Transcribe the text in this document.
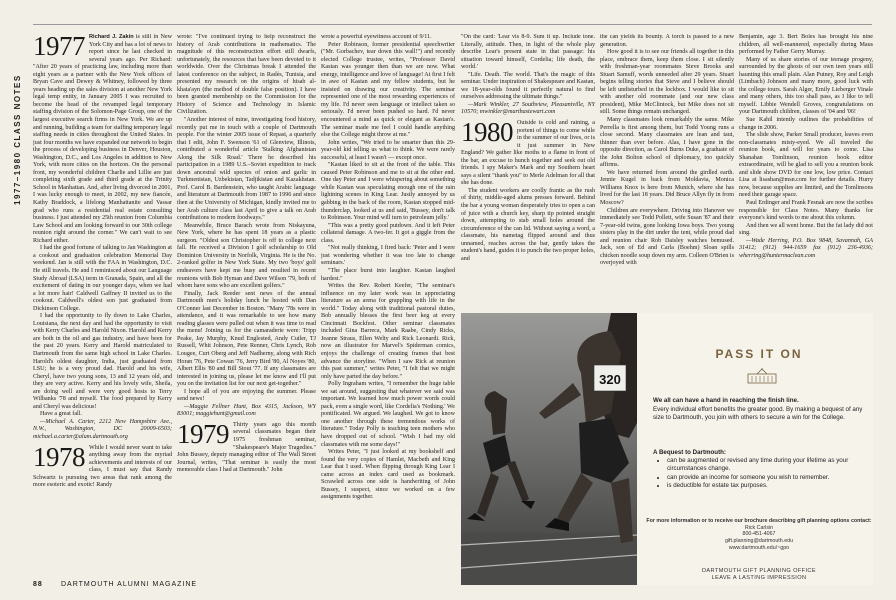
1977–1980 CLASS NOTES

1977 Richard J. Zakin is still in New York City and has a lot of news to report since he last checked in several years ago. Per Richard: "After 20 years of practicing law, including more than eight years as a partner with the New York offices of Bryan Cave and Dewey & Whitney, followed by three years heading up the sales division at another New York legal temp entity, in January 2005 I was recruited to become the head of the revamped legal temporary staffing division of the Solomon-Page Group, one of the largest executive search firms in New York. We are up and running, building a team for staffing temporary legal staffing needs in cities throughout the United States. In just four months we have expanded our network to begin the process of developing business in Denver, Houston, Washington, D.C., and Los Angeles in addition to New York, with more cities on the horizon. On the personal front, my wonderful children Charlie and Lillie are just completing sixth grade and third grade at the Trinity School in Manhattan. And, after living divorced in 2001, I was lucky enough to meet, in 2002, my new fiancée, Kathy Braddock, a lifelong Manhattanite and Vassar grad who runs a residential real estate consulting business. I just attended my 25th reunion from Columbia Law School and am looking forward to our 30th college reunion right around the corner." We can't wait to see Richard either.

I had the good fortune of talking to Jan Washington at a cookout and graduation celebration Memorial Day weekend. Jan is still with the FAA in Washington, D.C. He still travels. He and I reminisced about our Language Study Abroad (LSA) term in Granada, Spain, and all the excitement of dating in our younger days, when we had a lot more hair! Caldwell Gaffney II invited us to the cookout. Caldwell's oldest son just graduated from Dickinson College.

I had the opportunity to fly down to Lake Charles, Louisiana, the next day and had the opportunity to visit with Kerry Charles and Harold Nixon. Harold and Kerry are both in the oil and gas industry, and have been for the past 20 years. Kerry and Harold matriculated to Dartmouth from the same high school in Lake Charles. Harold's oldest daughter, India, just graduated from LSU; he is a very proud dad. Harold and his wife, Cheryl, have two young sons, 13 and 12 years old, and they are very active. Kerry and his lovely wife, Sheila, are doing well and were very good hosts to Terry Wilbanks '78 and myself. The food prepared by Kerry and Cheryl was delicious!

Have a great fall.

—Michael A. Carter, 2212 New Hampshire Ave., N.W., Washington, DC 20009-6503; michael.a.carter@alum.dartmouth.org

1978 While I would never want to take anything away from the myriad achievements and interests of our class, I must say that Randy Schwartz is pursuing two areas that rank among the more esoteric and exotic! Randy

wrote: "I've continued trying to help reconstruct the history of Arab contributions in mathematics. The magnitude of this reconstruction effort still dwarfs, unfortunately, the resources that have been devoted to it worldwide. Over the Christmas break I attended the latest conference on the subject, in Radès, Tunisia, and presented my research on the origins of hisab al-khata'ayn (the method of double false position). I have been granted membership on the Commission for the History of Science and Technology in Islamic Civilization.

"Another interest of mine, investigating food history, recently put me in touch with a couple of Dartmouth people. For the winter 2005 issue of Repast, a quarterly that I edit, John F. Swenson '61 of Glenview, Illinois, contributed a wonderful article 'Stalking Afghanistan Along the Silk Road.' There he described his participation in a 1989 U.S.–Soviet expedition to track down ancestral wild species of onion and garlic in Turkmenistan, Uzbekistan, Tadjikistan and Kazakhstan. Prof. Carol B. Bardenstein, who taught Arabic language and literature at Dartmouth from 1987 to 1996 and since then at the University of Michigan, kindly invited me to her Arab culture class last April to give a talk on Arab contributions to modern foodways."

Meanwhile, Bruce Barach wrote from Niskayuna, New York, where he has spent 18 years as a plastic surgeon. "Oldest son Christopher is off to college next fall. He received a Division I golf scholarship to Old Dominion University in Norfolk, Virginia. He is the No. 2-ranked golfer in New York State. My two 'boys' golf endeavors have kept me busy and resulted in recent reunions with Bob Hyman and Dave Wilson '79, both of whom have sons who are excellent golfers."

Finally, Jack Reeder sent news of the annual Dartmouth men's holiday lunch he hosted with Dan O'Conner last December in Boston. "Many '78s were in attendance, and it was remarkable to see how many reading glasses were pulled out when it was time to read the menu! Joining us for the camaraderie were: Tripp Peake, Jay Murphy, Knud Englested, Andy Cutler, TJ Russell, Whit Johnson, Pete Renner, Chris Lynch, Rob Lougee, Curt Oberg and Jeff Nadherny, along with Rich Horan '76, Pete Cowan '76, Jerry Bird '80, Al Noyes '80, Albert Ellis '80 and Bill Stout '77. If any classmates are interested in joining us, please let me know and I'll put you on the invitation list for our next get-together."

I hope all of you are enjoying the summer. Please send news!

—Maggie Fellner Hunt, Box 4315, Jackson, WY 83001; maggiehunt@gmail.com

1979 Thirty years ago this month several classmates began their 1975 freshman seminar, "Shakespeare's Major Tragedies." John Bussey, deputy managing editor of The Wall Street Journal, writes, "That seminar is easily the most memorable class I had at Dartmouth." John

wrote a powerful eyewitness account of 9/11.

Peter Robinson, former presidential speechwriter ("Mr. Gorbachev, tear down this wall!") and recently elected College trustee, writes, "Professor David Kastan was younger then than we are now. What energy, intelligence and love of language! At first I felt in awe of Kastan and my fellow students, but he insisted on drawing our creativity. The seminar represented one of the most rewarding experiences of my life. I'd never seen language or intellect taken so seriously. I'd never been pushed so hard. I'd never encountered a mind as quick or elegant as Kastan's. The seminar made me feel I could handle anything else the College might throw at me."

John writes, "We tried to be smarter than this 29-year-old kid telling us what to think. We were rarely successful, at least I wasn't — except once.

"Kastan liked to sit at the front of the table. This caused Peter Robinson and me to sit at the other end. One day Peter and I were whispering about something while Kastan was speculating enough one of the rain lightning scenes in King Lear. Justly annoyed by us gabbing in the back of the room, Kastan stopped mid-thunderclap, looked at us and said, 'Bussey, don't talk to Robinson. Your mind will turn to petroleum jelly.'

"This was a pretty good putdown. And it left Peter collateral damage. A two-fer. It got a giggle from the class.

"Not really thinking, I fired back: 'Peter and I were just wondering whether it was too late to change seminars.'

"The place burst into laughter. Kastan laughed hardest."

Writes the Rev. Robert Keefer, "The seminar's influence on my later work was in appreciating literature as an arena for grappling with life in the world." Today along with traditional pastoral duties, Bob annually blesses the first beer keg at every Cincinnati Bockfest. Other seminar classmates included Gina Barreca, Mark Raabe, Cindy Ricks, Jeanne Straus, Ellen Welty and Rick Leonardi. Rick, now an illustrator for Marvel's Spiderman comics, enjoys the challenge of creating frames that best advance the storyline. "When I saw Rick at reunion this past summer," writes Peter, "I felt that we might only have parted the day before."

Polly Ingraham writes, "I remember the huge table we sat around, suggesting that whatever we said was important. We learned how much power words could pack, even a single word, like Cordelia's 'Nothing.' We pontificated. We argued. We laughed. We got to know one another through these tremendous works of literature." Today Polly is teaching teen mothers who have dropped out of school. "Wish I had my old classmates with me some days!"

Writes Peter, "I just looked at my bookshelf and found the very copies of Hamlet, Macbeth and King Lear that I used. When flipping through King Lear I came across an index card used as bookmark. Scrawled across one side is handwriting of John Bussey, I suspect, since we worked on a few assignments together.

"On the card: 'Lear vis 8-9. Sum it up. Include tone. Literally, attitude. Then, in light of the whole play describe Lear's present state in that passage: his situation toward himself, Cordelia; life death, the world.'

"Life. Death. The world. That's the magic of this seminar. Under inspiration of Shakespeare and Kastan, we 18-year-olds found it perfectly natural to find ourselves addressing the ultimate things."

—Mark Winkler, 27 Southview, Pleasantville, NY 10570; mwinkler@marthastewart.com

1980 Outside is cold and raining, a portent of things to come while in the summer of our lives, or is it just summer in New England? We gather like moths to a flame in front of the bar, an excuse to hunch together and seek out old friends. I spy Maker's Mark and my Southern heart says a silent "thank you" to Merle Adelman for all that she has done.

The student workers are coolly frantic as the rush of thirty, middle-aged alums presses forward. Behind the bar a young woman desperately tries to open a can of juice with a church key, sharp tip pointed straight down, attempting to stab small holes around the circumference of the can lid. Without saying a word, a classmate, his nametag flipped around and thus unnamed, reaches across the bar, gently takes the student's hand, guides it to punch the two proper holes, and

the can yields its bounty. A torch is passed to a new generation.

How good it is to see our friends all together in this place, embrace them, keep them close. I sit silently with freshman-year roommates Steve Brooks and Stuart Samuff, words unneeded after 29 years. Stuart begins telling stories that Steve and I believe should be left undisturbed in the lockbox. I would like to sit with another old roommate (and our new class president), Mike McClintock, but Mike does not sit still. Some things remain unchanged.

Many classmates look remarkably the same. Mike Perrella is first among them, but Todd Young runs a close second. Many classmates are lean and taut, thinner than ever before. Alas, I have gone in the opposite direction, as Carol Burns Duke, a graduate of the John Bolton school of diplomacy, too quickly affirms.

We have returned from around the girdled earth. Jennie Kugel in back from Moldavia, Monica Williams Knox is here from Munich, where she has lived for the last 18 years. Did Bruce Allyn fly in from Moscow?

Children are everywhere. Driving into Hanover we immediately see Todd Pollett, wife Susan '87 and their 7-year-old twins, gone looking Iowa boys. Two young sisters play in the dirt under the tent, while proud dad and reunion chair Rob Daisley watches bemused. Jack, son of Ed and Carla (Boehm) Sloan spills chicken noodle soup down my arm. Colleen O'Brien is overjoyed with

Benjamin, age 3. Bert Boles has brought his nine children, all well-mannered, especially during Maus performed by Father Gerry Murray.

Many of us share stories of our teenage progeny, surrounded by the ghosts of our own teen years still haunting this small plain. Alan Putney, Roy and Leigh (Limbach) Johnson and many more, good luck with the college tours. Sarah Alger, Emily Lieberger Vinale and many others, this too shall pass, as I like to tell myself. Libbie Wendell Groves, congratulations on your Dartmouth children, classes of '04 and '06!

Sue Kahil intently outlines the probabilities of change in 2006.

The slide show, Parker Small producer, leaves even non-classmates misty-eyed. We all traveled the reunion book, and will for years to come. Lisa Shanahan Tomlinson, reunion book editor extraordinaire, will be glad to sell you a reunion book and slide show DVD for one low, low price. Contact Lisa at lisashan@msn.com for further details. Hurry now, because supplies are limited, and the Tomlinsons need their garage space.

Paul Erdinger and Frank Fesnak are now the scribes responsible for Class Notes. Many thanks for everyone's kind words to me about this column.

And then we all went home. But the fat lady did not sing.

—Wade Herring, P.O. Box 9848, Savannah, GA 31412; (912) 944-1659 fax (912) 236-4936; wherring@huntermaclean.com

320
PASS IT ON
We all can have a hand in reaching the finish line.
Every individual effort benefits the greater good. By making a bequest of any size to Dartmouth, you join with others to secure a win for the College.
A Bequest to Dartmouth:
• can be augmented or revised any time during your lifetime as your circumstances change.
• can provide an income for someone you wish to remember.
• is deductible for estate tax purposes.
For more information or to receive our brochure describing gift planning options contact:
Rick Carlsin
800-451-4067
gift.planning@dartmouth.edu
www.dartmouth.edu/~gpo
DARTMOUTH GIFT PLANNING OFFICE
LEAVE A LASTING IMPRESSION
88	DARTMOUTH ALUMNI MAGAZINE
